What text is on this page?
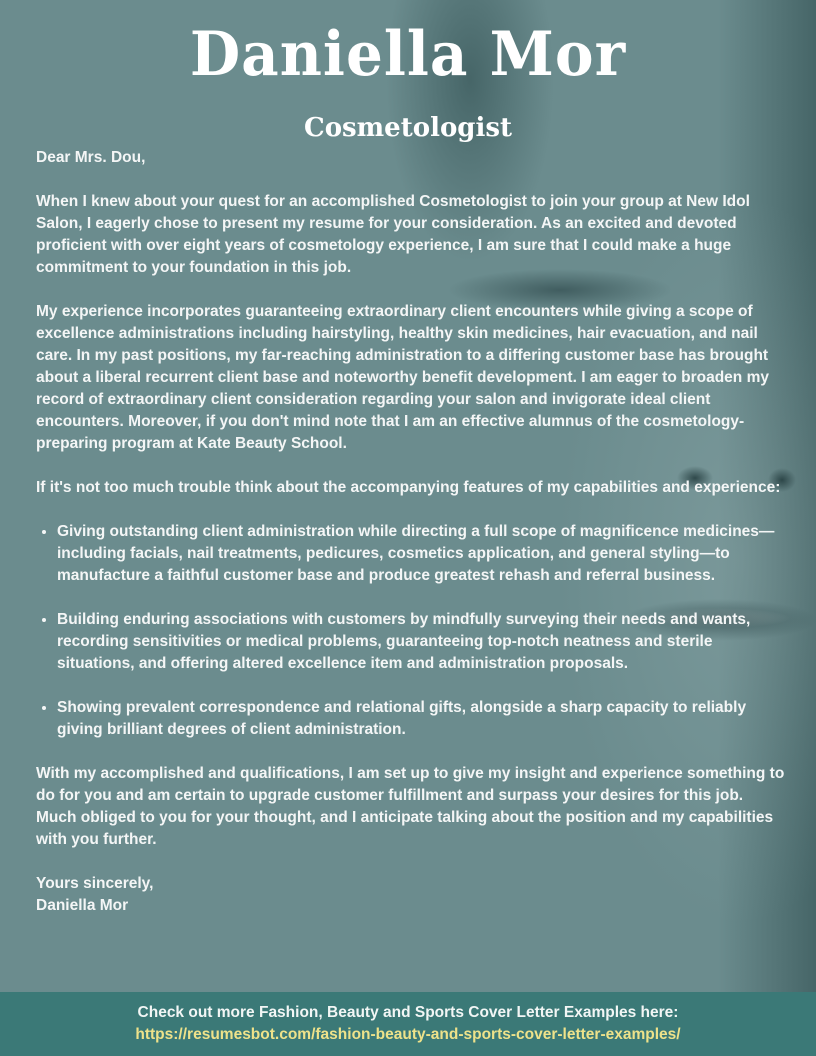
Daniella Mor
Cosmetologist

Dear Mrs. Dou,

When I knew about your quest for an accomplished Cosmetologist to join your group at New Idol Salon, I eagerly chose to present my resume for your consideration. As an excited and devoted proficient with over eight years of cosmetology experience, I am sure that I could make a huge commitment to your foundation in this job.

My experience incorporates guaranteeing extraordinary client encounters while giving a scope of excellence administrations including hairstyling, healthy skin medicines, hair evacuation, and nail care. In my past positions, my far-reaching administration to a differing customer base has brought about a liberal recurrent client base and noteworthy benefit development. I am eager to broaden my record of extraordinary client consideration regarding your salon and invigorate ideal client encounters. Moreover, if you don't mind note that I am an effective alumnus of the cosmetology-preparing program at Kate Beauty School.

If it's not too much trouble think about the accompanying features of my capabilities and experience:

• Giving outstanding client administration while directing a full scope of magnificence medicines—including facials, nail treatments, pedicures, cosmetics application, and general styling—to manufacture a faithful customer base and produce greatest rehash and referral business.
• Building enduring associations with customers by mindfully surveying their needs and wants, recording sensitivities or medical problems, guaranteeing top-notch neatness and sterile situations, and offering altered excellence item and administration proposals.
• Showing prevalent correspondence and relational gifts, alongside a sharp capacity to reliably giving brilliant degrees of client administration.

With my accomplished and qualifications, I am set up to give my insight and experience something to do for you and am certain to upgrade customer fulfillment and surpass your desires for this job. Much obliged to you for your thought, and I anticipate talking about the position and my capabilities with you further.

Yours sincerely,
Daniella Mor
Check out more Fashion, Beauty and Sports Cover Letter Examples here:
https://resumesbot.com/fashion-beauty-and-sports-cover-letter-examples/
